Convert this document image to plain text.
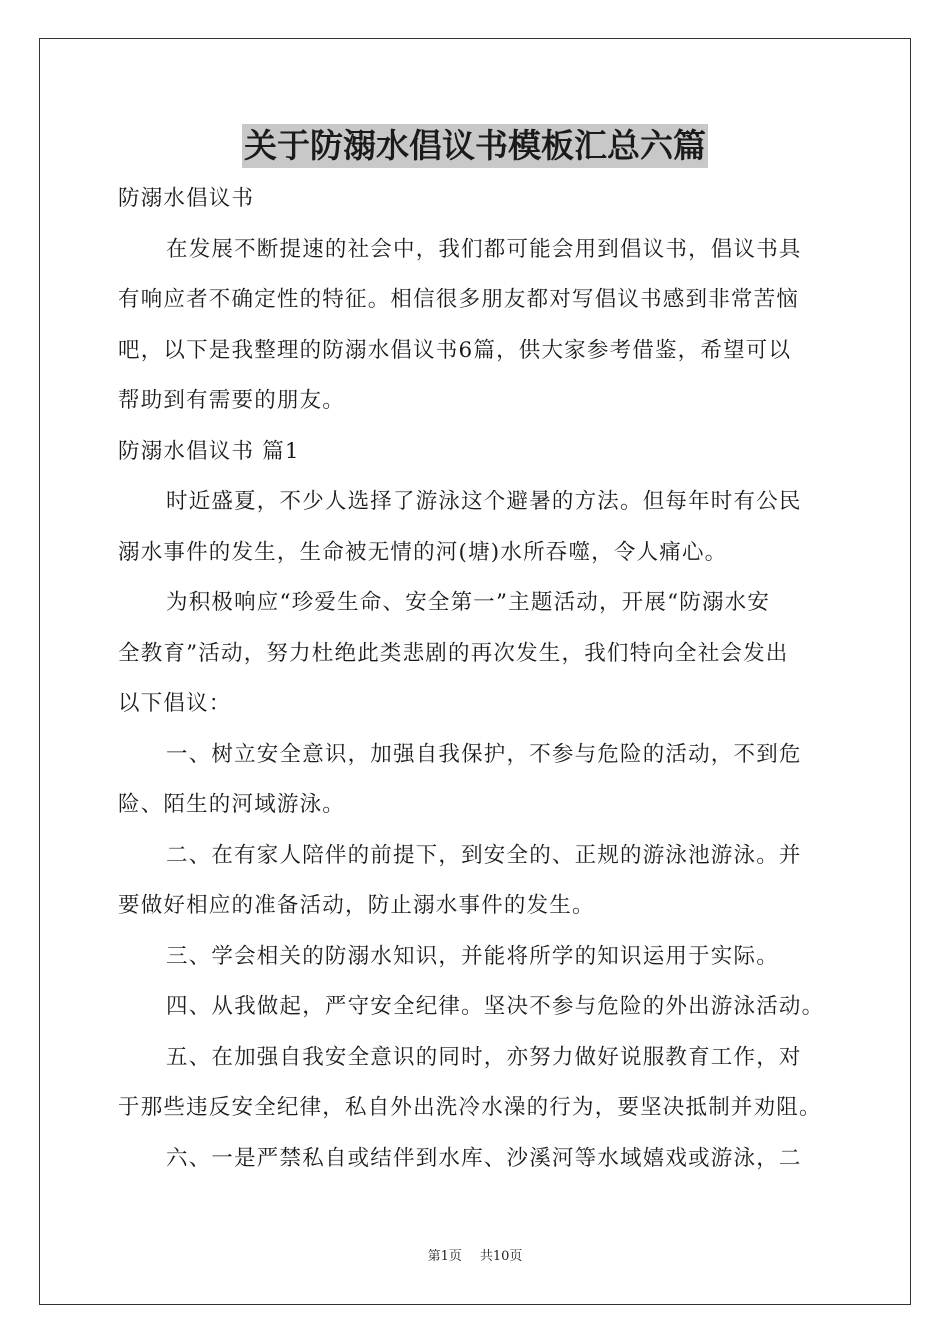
关于防溺水倡议书模板汇总六篇
防溺水倡议书
在发展不断提速的社会中，我们都可能会用到倡议书，倡议书具
有响应者不确定性的特征。相信很多朋友都对写倡议书感到非常苦恼
吧，以下是我整理的防溺水倡议书6篇，供大家参考借鉴，希望可以
帮助到有需要的朋友。
防溺水倡议书 篇1
时近盛夏，不少人选择了游泳这个避暑的方法。但每年时有公民
溺水事件的发生，生命被无情的河(塘)水所吞噬，令人痛心。
为积极响应“珍爱生命、安全第一”主题活动，开展“防溺水安
全教育”活动，努力杜绝此类悲剧的再次发生，我们特向全社会发出
以下倡议：
一、树立安全意识，加强自我保护，不参与危险的活动，不到危
险、陌生的河域游泳。
二、在有家人陪伴的前提下，到安全的、正规的游泳池游泳。并
要做好相应的准备活动，防止溺水事件的发生。
三、学会相关的防溺水知识，并能将所学的知识运用于实际。
四、从我做起，严守安全纪律。坚决不参与危险的外出游泳活动。
五、在加强自我安全意识的同时，亦努力做好说服教育工作，对
于那些违反安全纪律，私自外出洗冷水澡的行为，要坚决抵制并劝阻。
六、一是严禁私自或结伴到水库、沙溪河等水域嬉戏或游泳，二
第1页 共10页
